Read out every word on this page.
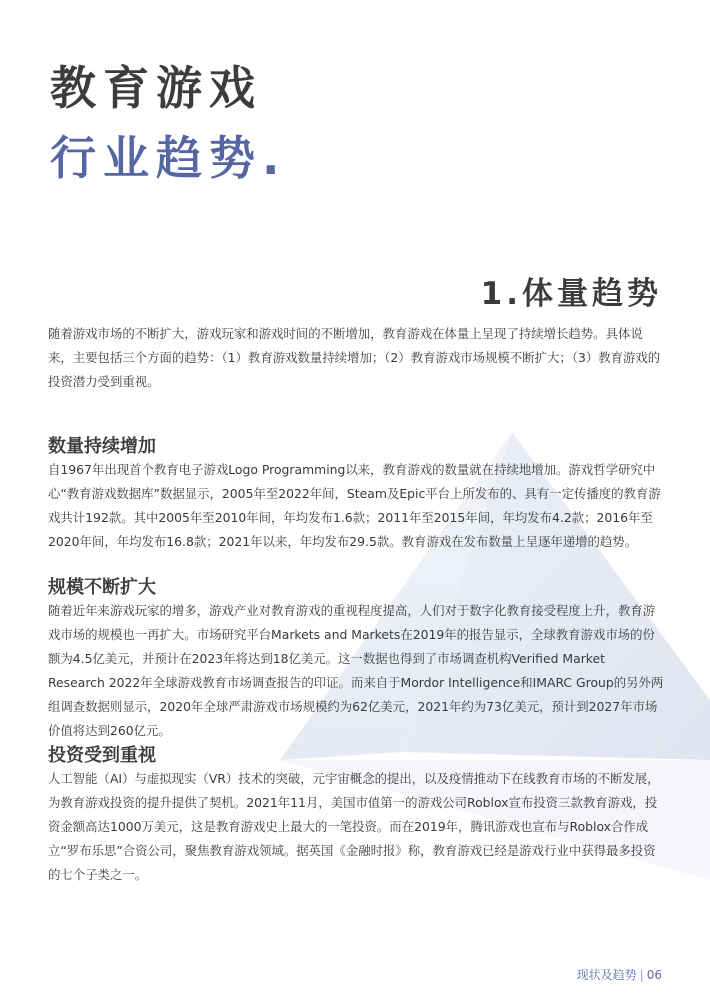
教育游戏
行业趋势.
1.体量趋势

随着游戏市场的不断扩大，游戏玩家和游戏时间的不断增加，教育游戏在体量上呈现了持续增长趋势。具体说来，主要包括三个方面的趋势：（1）教育游戏数量持续增加；（2）教育游戏市场规模不断扩大；（3）教育游戏的投资潜力受到重视。

数量持续增加

自1967年出现首个教育电子游戏Logo Programming以来，教育游戏的数量就在持续地增加。游戏哲学研究中心“教育游戏数据库”数据显示，2005年至2022年间，Steam及Epic平台上所发布的、具有一定传播度的教育游戏共计192款。其中2005年至2010年间，年均发布1.6款；2011年至2015年间，年均发布4.2款；2016年至2020年间，年均发布16.8款；2021年以来，年均发布29.5款。教育游戏在发布数量上呈逐年递增的趋势。

规模不断扩大

随着近年来游戏玩家的增多，游戏产业对教育游戏的重视程度提高，人们对于数字化教育接受程度上升，教育游戏市场的规模也一再扩大。市场研究平台Markets and Markets在2019年的报告显示，全球教育游戏市场的份额为4.5亿美元，并预计在2023年将达到18亿美元。这一数据也得到了市场调查机构Verified Market Research 2022年全球游戏教育市场调查报告的印证。而来自于Mordor Intelligence和IMARC Group的另外两组调查数据则显示，2020年全球严肃游戏市场规模约为62亿美元，2021年约为73亿美元，预计到2027年市场价值将达到260亿元。

投资受到重视

人工智能（AI）与虚拟现实（VR）技术的突破，元宇宙概念的提出，以及疫情推动下在线教育市场的不断发展，为教育游戏投资的提升提供了契机。2021年11月，美国市值第一的游戏公司Roblox宣布投资三款教育游戏，投资金额高达1000万美元，这是教育游戏史上最大的一笔投资。而在2019年，腾讯游戏也宣布与Roblox合作成立“罗布乐思”合资公司，聚焦教育游戏领域。据英国《金融时报》称，教育游戏已经是游戏行业中获得最多投资的七个子类之一。

现状及趋势 | 06
